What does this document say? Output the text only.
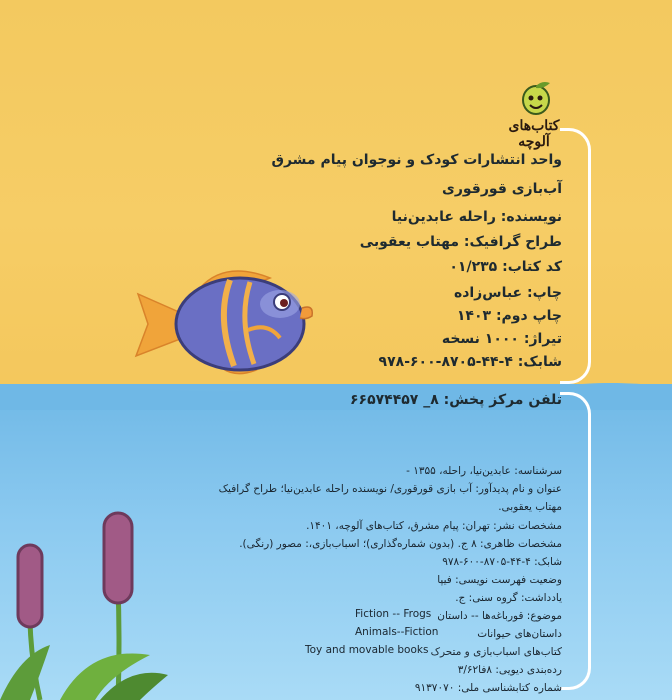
کتاب‌های آلوچه
واحد انتشارات کودک و نوجوان پیام مشرق
آب‌بازی قورقوری
نویسنده: راحله عابدین‌نیا
طراح گرافیک: مهتاب یعقوبی
کد کتاب: ۰۱/۲۳۵
چاپ: عباس‌زاده
چاپ دوم: ۱۴۰۳
تیراژ: ۱۰۰۰ نسخه
شابک: ۴-۴۴-۸۷۰۵-۶۰۰-۹۷۸
تلفن مرکز پخش: ۸_ ۶۶۵۷۴۴۵۷
سرشناسه: عابدین‌نیا، راحله، ۱۳۵۵ -
عنوان و نام پدیدآور: آب بازی قورقوری/ نویسنده راحله عابدین‌نیا؛ طراح گرافیک
مهتاب یعقوبی.
مشخصات نشر: تهران: پیام مشرق، کتاب‌های آلوچه، ۱۴۰۱.
مشخصات ظاهری: ۸ ج. (بدون شماره‌گذاری)؛ اسباب‌بازی،: مصور (رنگی).
شابک: ۴-۴۴-۸۷۰۵-۶۰۰-۹۷۸
وضعیت فهرست نویسی: فیپا
یادداشت: گروه سنی: ج.
موضوع: قورباغه‌ها -- داستان
Fiction -- Frogs
داستان‌های حیوانات
Animals--Fiction
کتاب‌های اسباب‌بازی و متحرک
Toy and movable books
رده‌بندی دیویی: ۸فا۳/۶۲
شماره کتابشناسی ملی: ۹۱۳۷۰۷۰
